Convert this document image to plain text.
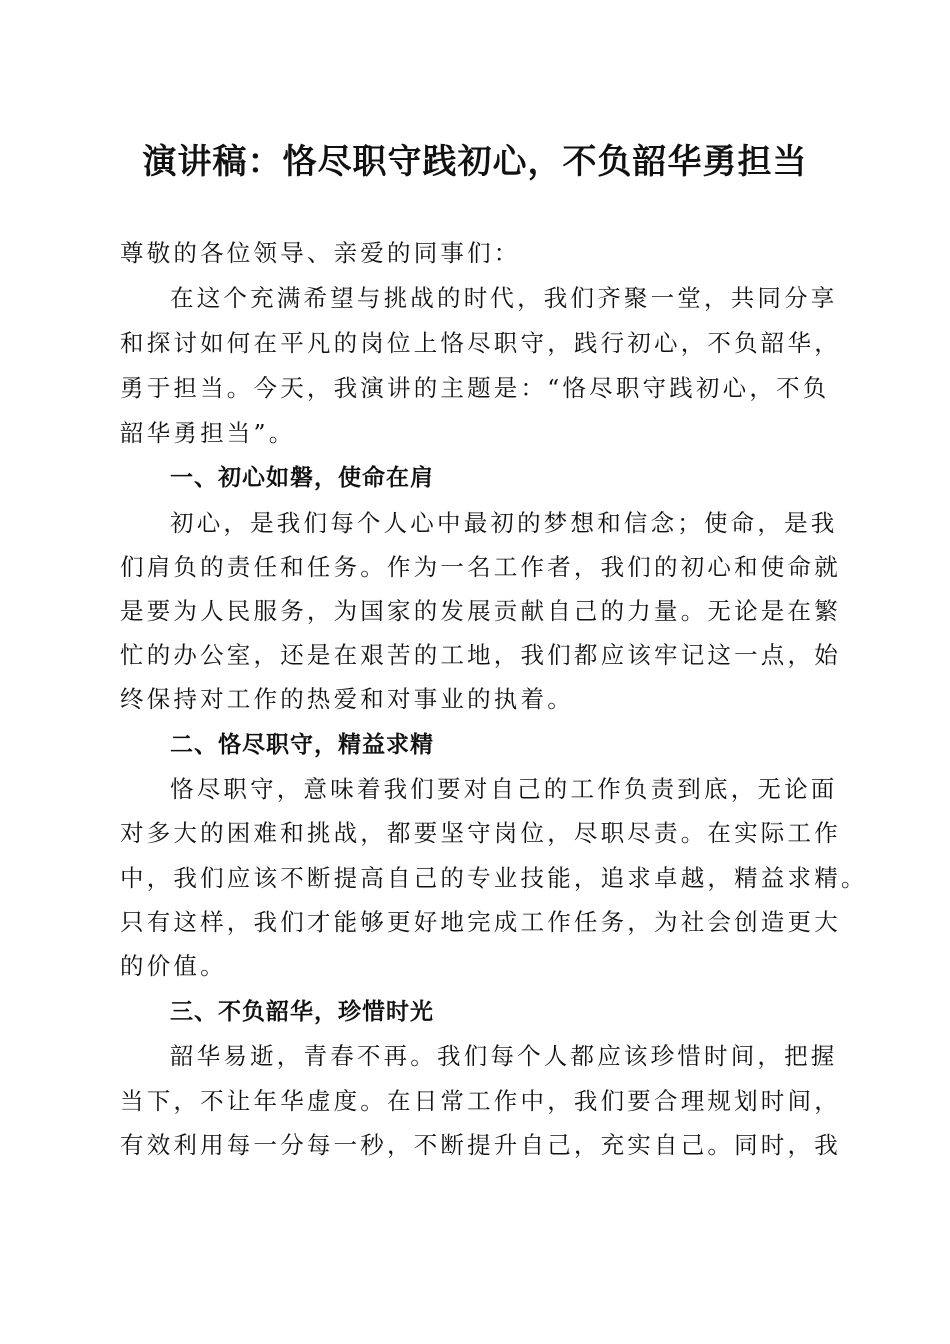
演讲稿：恪尽职守践初心，不负韶华勇担当
尊敬的各位领导、亲爱的同事们：
在这个充满希望与挑战的时代，我们齐聚一堂，共同分享
和探讨如何在平凡的岗位上恪尽职守，践行初心，不负韶华，
勇于担当。今天，我演讲的主题是：“恪尽职守践初心，不负
韶华勇担当”。
一、初心如磐，使命在肩
初心，是我们每个人心中最初的梦想和信念；使命，是我
们肩负的责任和任务。作为一名工作者，我们的初心和使命就
是要为人民服务，为国家的发展贡献自己的力量。无论是在繁
忙的办公室，还是在艰苦的工地，我们都应该牢记这一点，始
终保持对工作的热爱和对事业的执着。
二、恪尽职守，精益求精
恪尽职守，意味着我们要对自己的工作负责到底，无论面
对多大的困难和挑战，都要坚守岗位，尽职尽责。在实际工作
中，我们应该不断提高自己的专业技能，追求卓越，精益求精。
只有这样，我们才能够更好地完成工作任务，为社会创造更大
的价值。
三、不负韶华，珍惜时光
韶华易逝，青春不再。我们每个人都应该珍惜时间，把握
当下，不让年华虚度。在日常工作中，我们要合理规划时间，
有效利用每一分每一秒，不断提升自己，充实自己。同时，我
